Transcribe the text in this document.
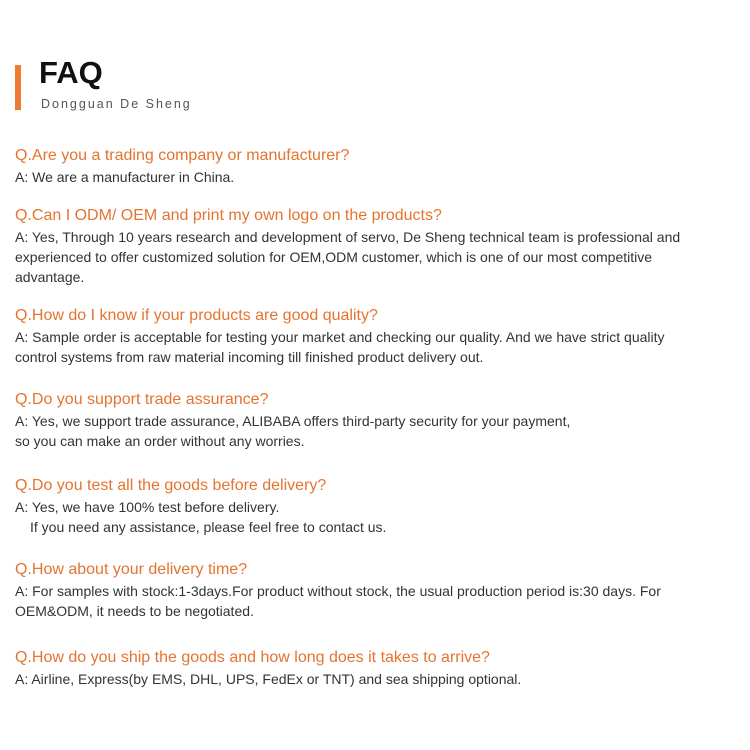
FAQ
Dongguan De Sheng
Q.Are you a trading company or manufacturer?
A: We are a manufacturer in China.
Q.Can I ODM/ OEM and print my own logo on the products?
A: Yes, Through 10 years research and development of servo, De Sheng technical team is professional and
experienced to offer customized solution for OEM,ODM customer, which is one of our most competitive
advantage.
Q.How do I know if your products are good quality?
A: Sample order is acceptable for testing your market and checking our quality. And we have strict quality
control systems from raw material incoming till finished product delivery out.
Q.Do you support trade assurance?
A: Yes, we support trade assurance, ALIBABA offers third-party security for your payment,
so you can make an order without any worries.
Q.Do you test all the goods before delivery?
A: Yes, we have 100% test before delivery.
If you need any assistance, please feel free to contact us.
Q.How about your delivery time?
A: For samples with stock:1-3days.For product without stock, the usual production period is:30 days. For
OEM&ODM, it needs to be negotiated.
Q.How do you ship the goods and how long does it takes to arrive?
A: Airline, Express(by EMS, DHL, UPS, FedEx or TNT) and sea shipping optional.
